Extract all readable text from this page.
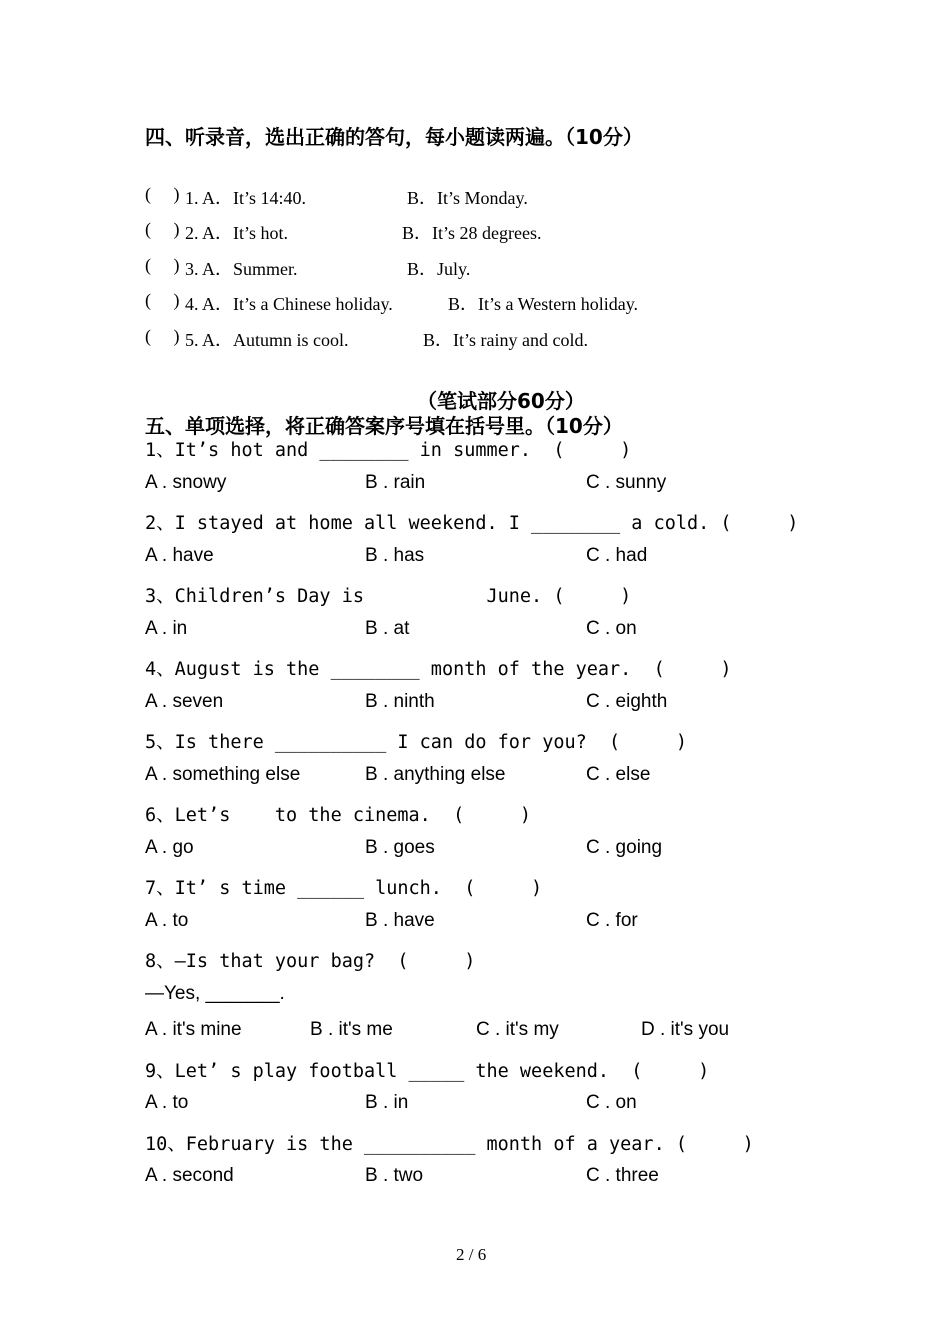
四、听录音，选出正确的答句，每小题读两遍。（10分）
(     ) 1. A．It’s 14:40.	B．It’s Monday.
(     ) 2. A．It’s hot.	B．It’s 28 degrees.
(     ) 3. A．Summer.	B．July.
(     ) 4. A．It’s a Chinese holiday.	B．It’s a Western holiday.
(     ) 5. A．Autumn is cool.	B．It’s rainy and cold.
（笔试部分60分）
五、单项选择，将正确答案序号填在括号里。（10分）
1、It’s hot and ________ in summer.  (     )
A . snowy	B . rain	C . sunny
2、I stayed at home all weekend. I ________ a cold. (     )
A . have	B . has	C . had
3、Children’s Day is           June. (     )
A . in	B . at	C . on
4、August is the ________ month of the year.  (     )
A . seven	B . ninth	C . eighth
5、Is there __________ I can do for you?  (     )
A . something else	B . anything else	C . else
6、Let’s    to the cinema.  (     )
A . go	B . goes	C . going
7、It’ s time ______ lunch.  (     )
A . to	B . have	C . for
8、—Is that your bag?  (     )
—Yes, _______.
A . it's mine	B . it's me	C . it's my	D . it's you
9、Let’ s play football _____ the weekend.  (     )
A . to	B . in	C . on
10、February is the __________ month of a year. (     )
A . second	B . two	C . three
2 / 6
